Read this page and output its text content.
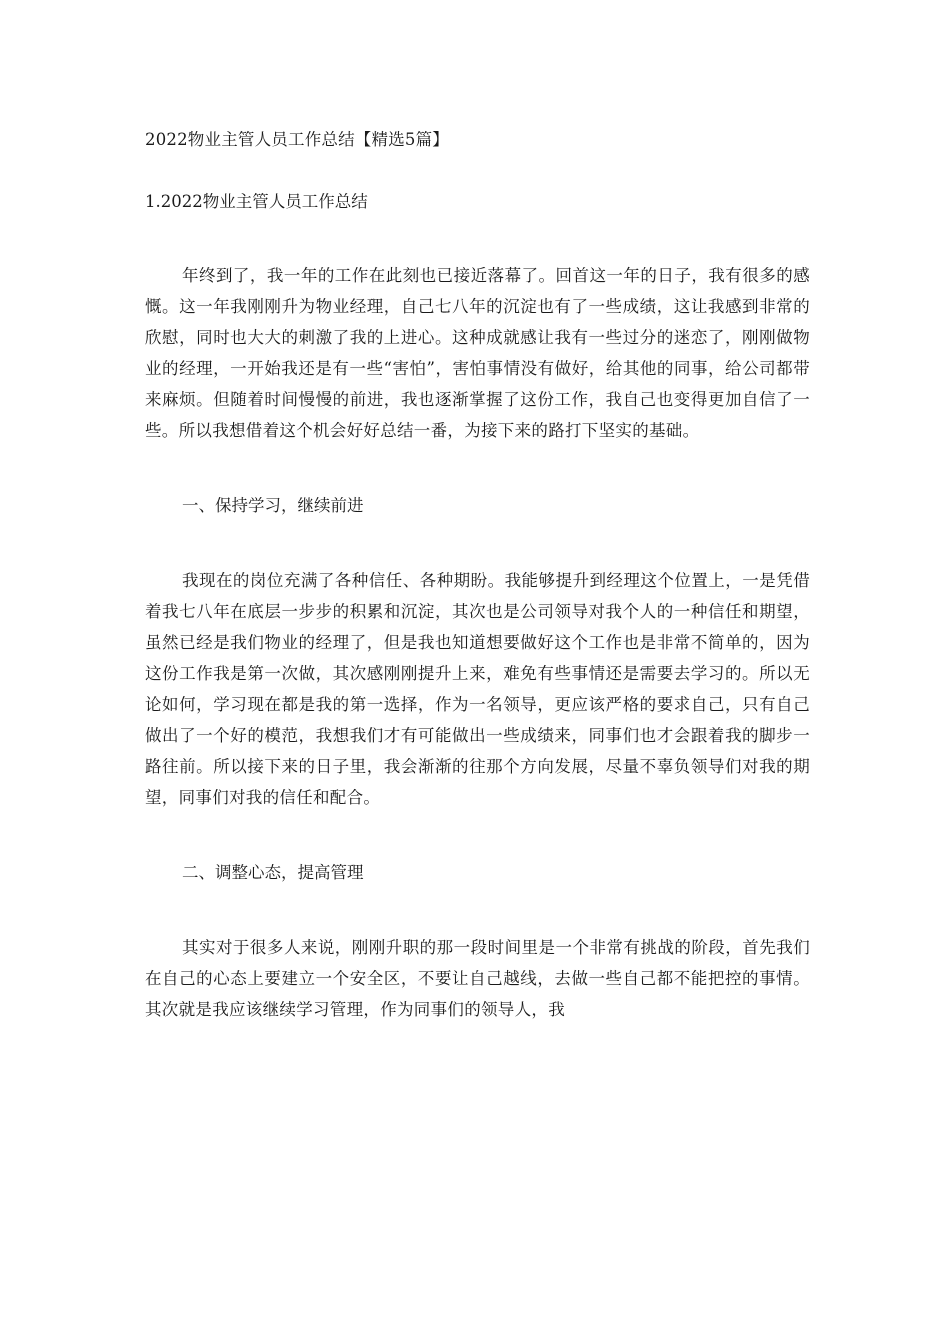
2022物业主管人员工作总结【精选5篇】
1.2022物业主管人员工作总结

年终到了，我一年的工作在此刻也已接近落幕了。回首这一年的日子，我有很多的感慨。这一年我刚刚升为物业经理，自己七八年的沉淀也有了一些成绩，这让我感到非常的欣慰，同时也大大的刺激了我的上进心。这种成就感让我有一些过分的迷恋了，刚刚做物业的经理，一开始我还是有一些“害怕”，害怕事情没有做好，给其他的同事，给公司都带来麻烦。但随着时间慢慢的前进，我也逐渐掌握了这份工作，我自己也变得更加自信了一些。所以我想借着这个机会好好总结一番，为接下来的路打下坚实的基础。

一、保持学习，继续前进

我现在的岗位充满了各种信任、各种期盼。我能够提升到经理这个位置上，一是凭借着我七八年在底层一步步的积累和沉淀，其次也是公司领导对我个人的一种信任和期望，虽然已经是我们物业的经理了，但是我也知道想要做好这个工作也是非常不简单的，因为这份工作我是第一次做，其次感刚刚提升上来，难免有些事情还是需要去学习的。所以无论如何，学习现在都是我的第一选择，作为一名领导，更应该严格的要求自己，只有自己做出了一个好的模范，我想我们才有可能做出一些成绩来，同事们也才会跟着我的脚步一路往前。所以接下来的日子里，我会渐渐的往那个方向发展，尽量不辜负领导们对我的期望，同事们对我的信任和配合。

二、调整心态，提高管理

其实对于很多人来说，刚刚升职的那一段时间里是一个非常有挑战的阶段，首先我们在自己的心态上要建立一个安全区，不要让自己越线，去做一些自己都不能把控的事情。其次就是我应该继续学习管理，作为同事们的领导人，我
